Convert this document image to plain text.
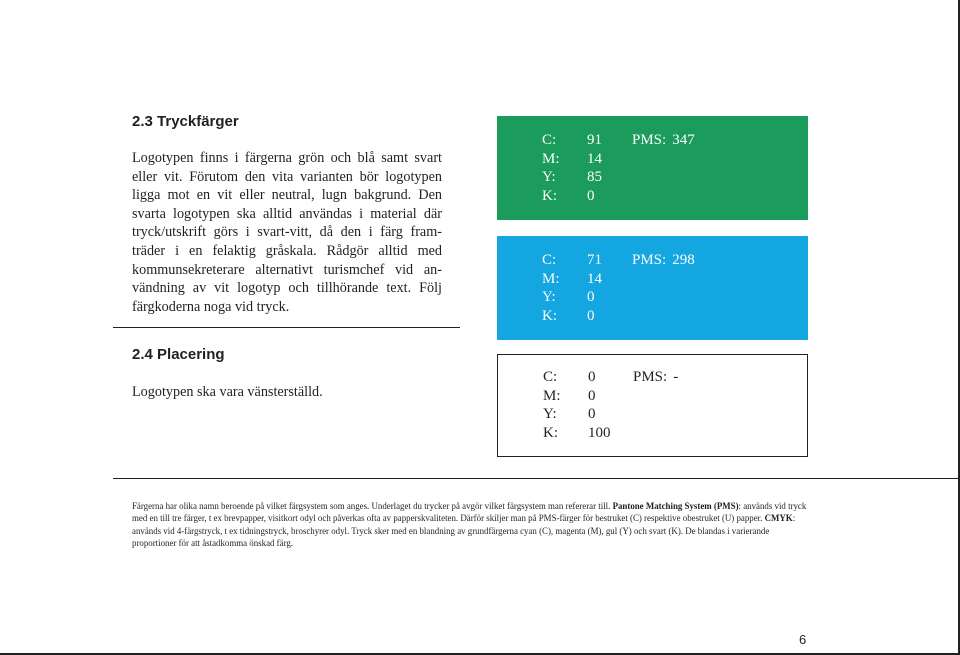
2.3 Tryckfärger

Logotypen finns i färgerna grön och blå samt svart
eller vit. Förutom den vita varianten bör logotypen
ligga mot en vit eller neutral, lugn bakgrund. Den
svarta logotypen ska alltid användas i material där
tryck/utskrift görs i svart-vitt, då den i färg fram-
träder i en felaktig gråskala. Rådgör alltid med
kommunsekreterare alternativt turismchef vid an-
vändning av vit logotyp och tillhörande text. Följ
färgkoderna noga vid tryck.

2.4 Placering

Logotypen ska vara vänsterställd.

C: 91
M: 14
Y: 85
K: 0
PMS: 347
C: 71
M: 14
Y: 0
K: 0
PMS: 298
C: 0
M: 0
Y: 0
K: 100
PMS: -

Färgerna har olika namn beroende på vilket färgsystem som anges. Underlaget du trycker på avgör vilket färgsystem man refererar till. Pantone Matching System (PMS): används vid tryck med en till tre färger, t ex brevpapper, visitkort odyl och påverkas ofta av papperskvaliteten. Därför skiljer man på PMS-färger för bestruket (C) respektive obestruket (U) papper. CMYK: används vid 4-färgstryck, t ex tidningstryck, broschyrer odyl. Tryck sker med en blandning av grundfärgerna cyan (C), magenta (M), gul (Y) och svart (K). De blandas i varierande proportioner för att åstadkomma önskad färg.

6
